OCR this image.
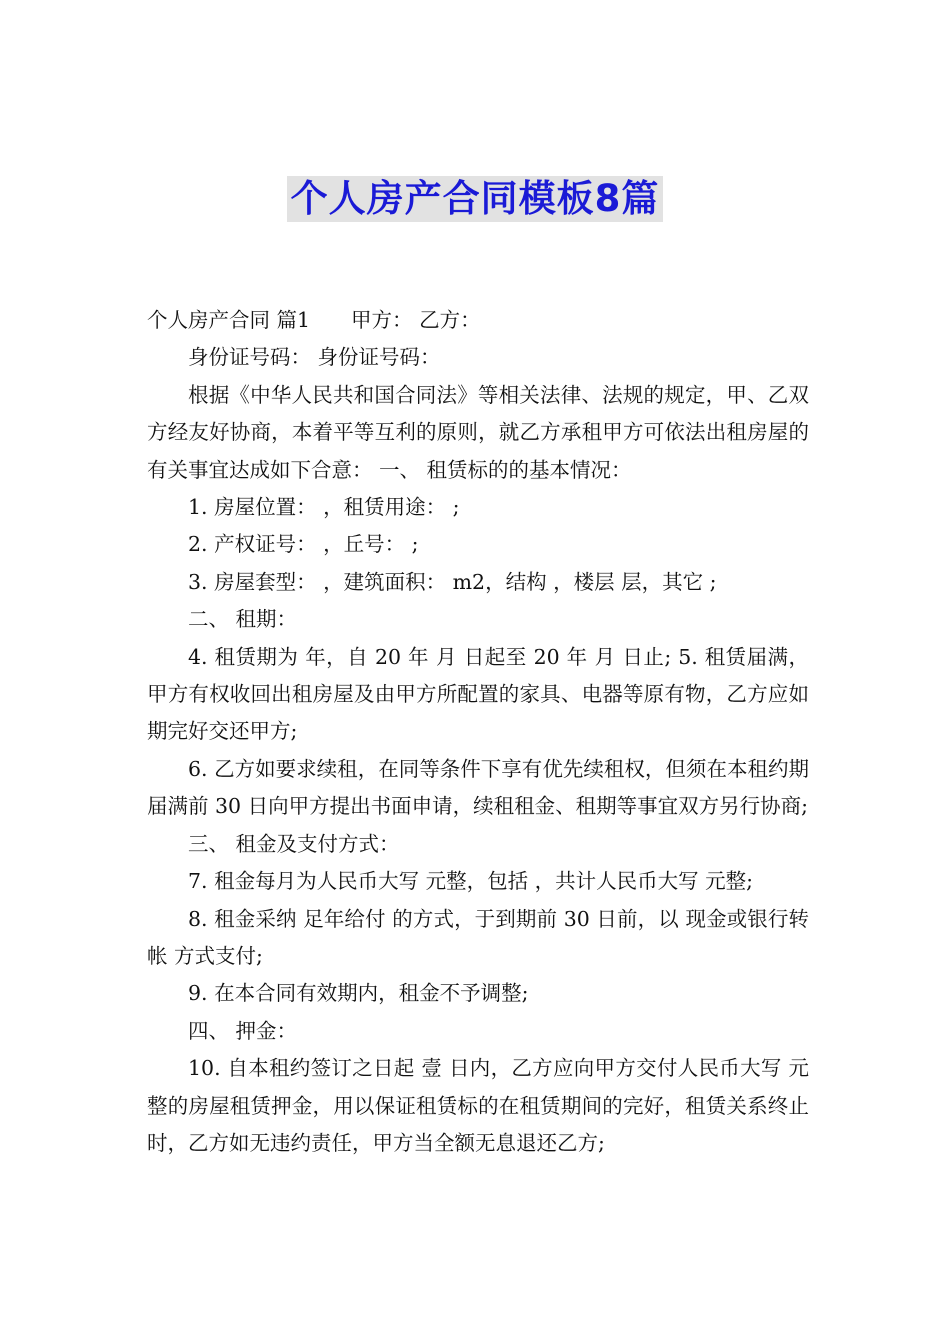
个人房产合同模板8篇

个人房产合同 篇1　　甲方： 乙方：

身份证号码： 身份证号码：

根据《中华人民共和国合同法》等相关法律、法规的规定，甲、乙双方经友好协商，本着平等互利的原则，就乙方承租甲方可依法出租房屋的有关事宜达成如下合意： 一、 租赁标的的基本情况：

1. 房屋位置： ，租赁用途： ;

2. 产权证号： ，丘号： ;

3. 房屋套型： ，建筑面积： m2，结构 ，楼层 层，其它 ;

二、 租期：

4. 租赁期为 年，自 20 年 月 日起至 20 年 月 日止; 5. 租赁届满，甲方有权收回出租房屋及由甲方所配置的家具、电器等原有物，乙方应如期完好交还甲方;

6. 乙方如要求续租，在同等条件下享有优先续租权，但须在本租约期届满前 30 日向甲方提出书面申请，续租租金、租期等事宜双方另行协商;

三、 租金及支付方式：

7. 租金每月为人民币大写 元整，包括 ，共计人民币大写 元整;

8. 租金采纳 足年给付 的方式，于到期前 30 日前，以 现金或银行转帐 方式支付;

9. 在本合同有效期内，租金不予调整;

四、 押金：

10. 自本租约签订之日起 壹 日内，乙方应向甲方交付人民币大写 元整的房屋租赁押金，用以保证租赁标的在租赁期间的完好，租赁关系终止时，乙方如无违约责任，甲方当全额无息退还乙方;
